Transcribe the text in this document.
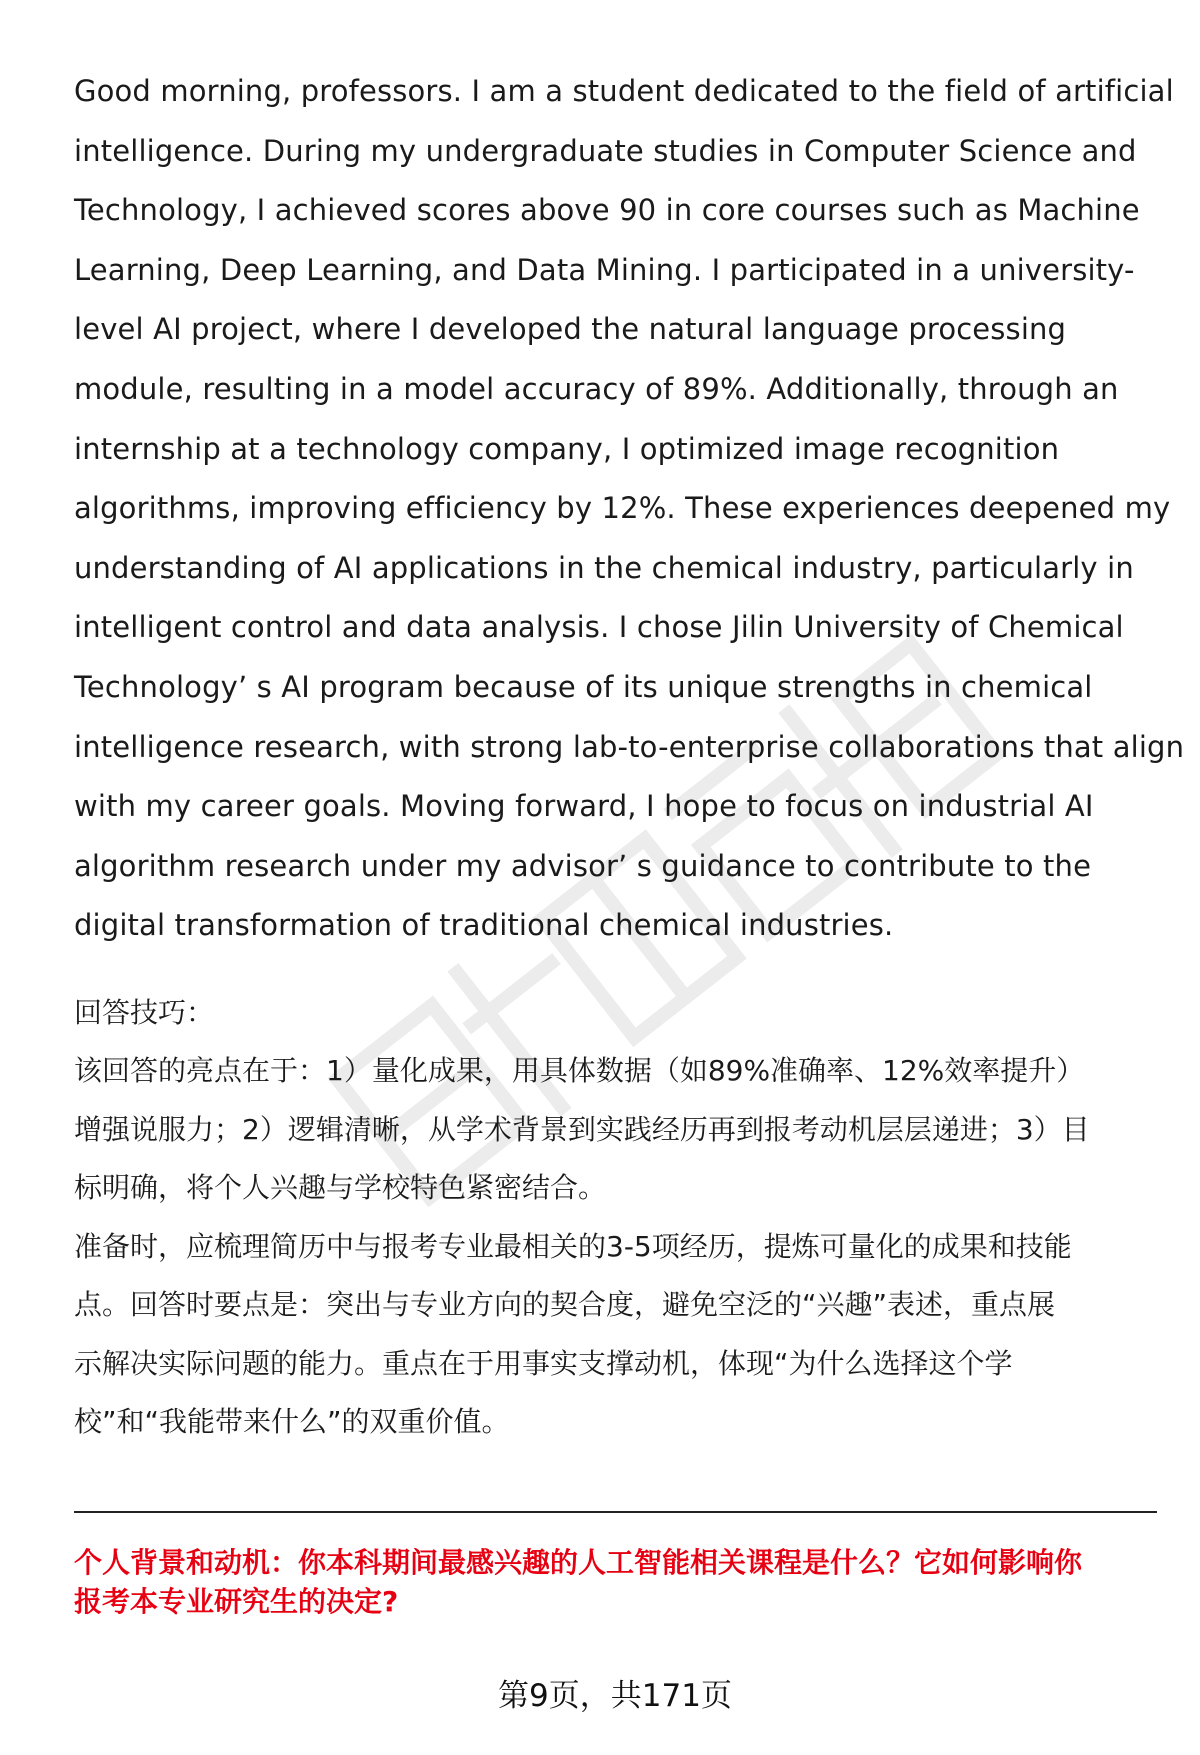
Good morning, professors. I am a student dedicated to the field of artificial
intelligence. During my undergraduate studies in Computer Science and
Technology, I achieved scores above 90 in core courses such as Machine
Learning, Deep Learning, and Data Mining. I participated in a university-
level AI project, where I developed the natural language processing
module, resulting in a model accuracy of 89%. Additionally, through an
internship at a technology company, I optimized image recognition
algorithms, improving efficiency by 12%. These experiences deepened my
understanding of AI applications in the chemical industry, particularly in
intelligent control and data analysis. I chose Jilin University of Chemical
Technology’ s AI program because of its unique strengths in chemical
intelligence research, with strong lab-to-enterprise collaborations that align
with my career goals. Moving forward, I hope to focus on industrial AI
algorithm research under my advisor’ s guidance to contribute to the
digital transformation of traditional chemical industries.
回答技巧：
该回答的亮点在于：1）量化成果，用具体数据（如89%准确率、12%效率提升）
增强说服力；2）逻辑清晰，从学术背景到实践经历再到报考动机层层递进；3）目
标明确，将个人兴趣与学校特色紧密结合。
准备时，应梳理简历中与报考专业最相关的3-5项经历，提炼可量化的成果和技能
点。回答时要点是：突出与专业方向的契合度，避免空泛的“兴趣”表述，重点展
示解决实际问题的能力。重点在于用事实支撑动机，体现“为什么选择这个学
校”和“我能带来什么”的双重价值。
个人背景和动机：你本科期间最感兴趣的人工智能相关课程是什么？它如何影响你
报考本专业研究生的决定?
第9页，共171页
